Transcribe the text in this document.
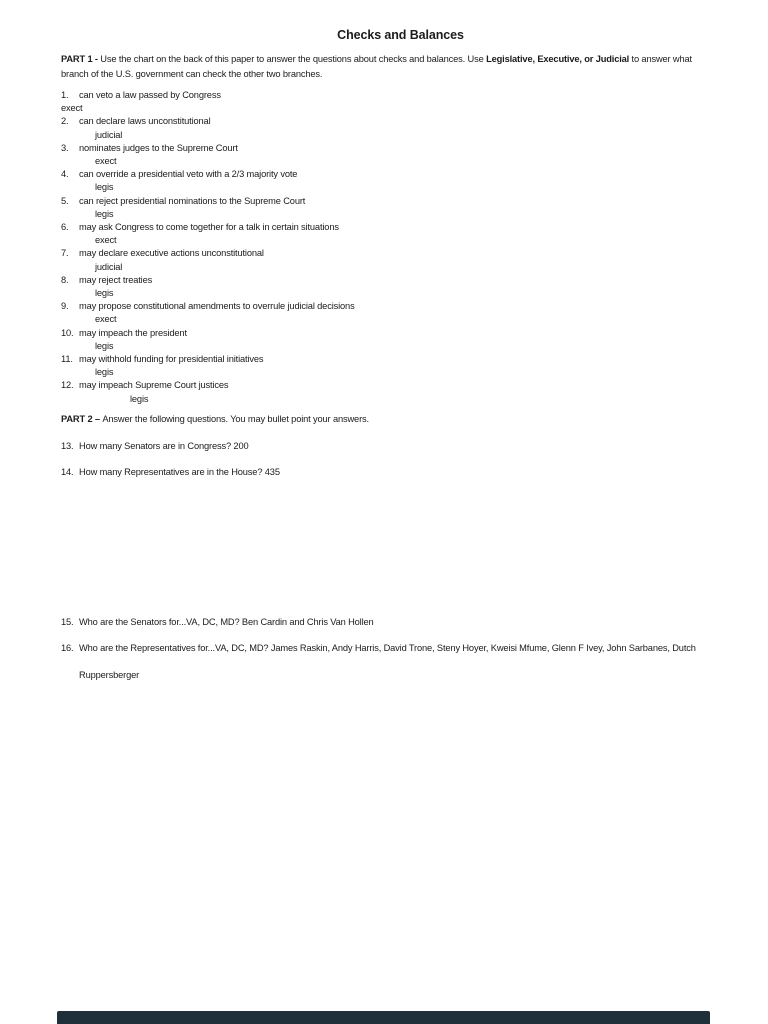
Checks and Balances
PART 1 - Use the chart on the back of this paper to answer the questions about checks and balances. Use Legislative, Executive, or Judicial to answer what
branch of the U.S. government can check the other two branches.
1. can veto a law passed by Congress
exect
2. can declare laws unconstitutional
judicial
3. nominates judges to the Supreme Court
exect
4. can override a presidential veto with a 2/3 majority vote
legis
5. can reject presidential nominations to the Supreme Court
legis
6. may ask Congress to come together for a talk in certain situations
exect
7. may declare executive actions unconstitutional
judicial
8. may reject treaties
legis
9. may propose constitutional amendments to overrule judicial decisions
exect
10. may impeach the president
legis
11. may withhold funding for presidential initiatives
legis
12. may impeach Supreme Court justices
legis
PART 2 – Answer the following questions. You may bullet point your answers.
13. How many Senators are in Congress? 200
14. How many Representatives are in the House? 435
15. Who are the Senators for...VA, DC, MD? Ben Cardin and Chris Van Hollen
16. Who are the Representatives for...VA, DC, MD? James Raskin, Andy Harris, David Trone, Steny Hoyer, Kweisi Mfume, Glenn F Ivey, John Sarbanes, Dutch
Ruppersberger
